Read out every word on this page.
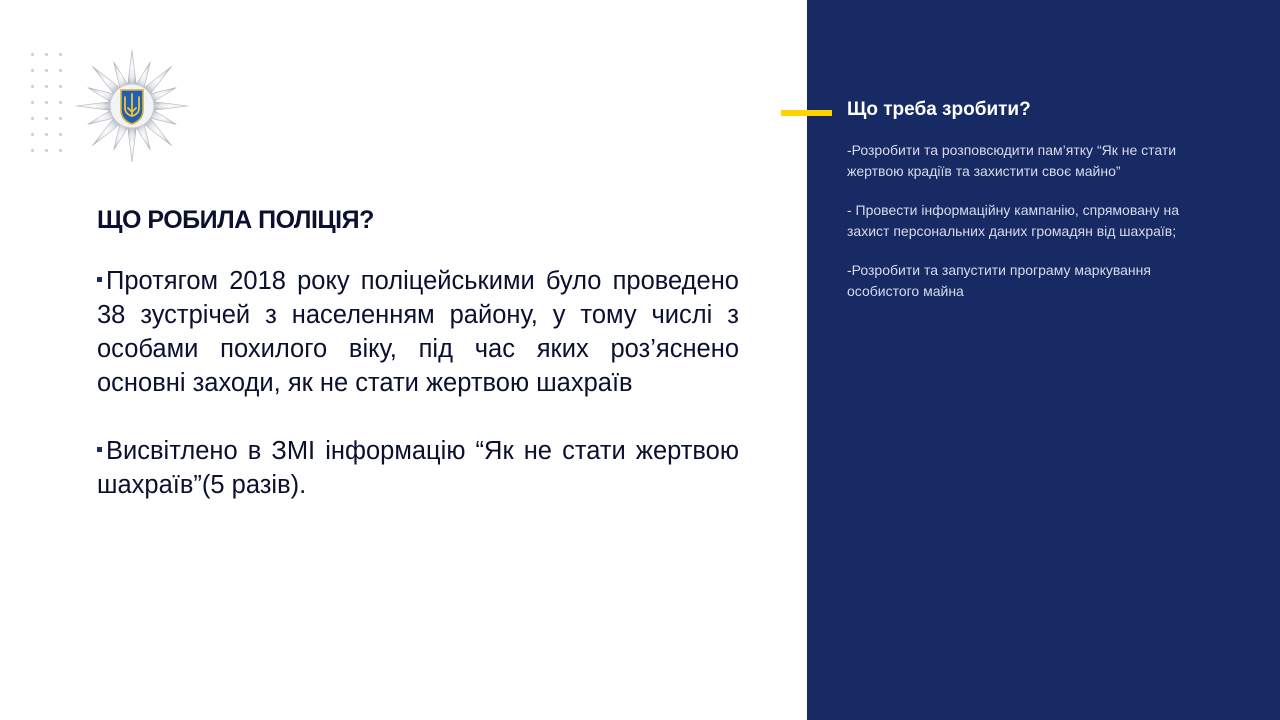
ЩО РОБИЛА ПОЛІЦІЯ?

Протягом 2018 року поліцейськими було проведено 38 зустрічей з населенням району, у тому числі з особами похилого віку, під час яких роз’яснено основні заходи, як не стати жертвою шахраїв

Висвітлено в ЗМІ інформацію “Як не стати жертвою шахраїв”(5 разів).

Що треба зробити?

-Розробити та розповсюдити пам’ятку “Як не стати жертвою крадіїв та захистити своє майно”

- Провести інформаційну кампанію, спрямовану на захист персональних даних громадян від шахраїв;

-Розробити та запустити програму маркування особистого майна
